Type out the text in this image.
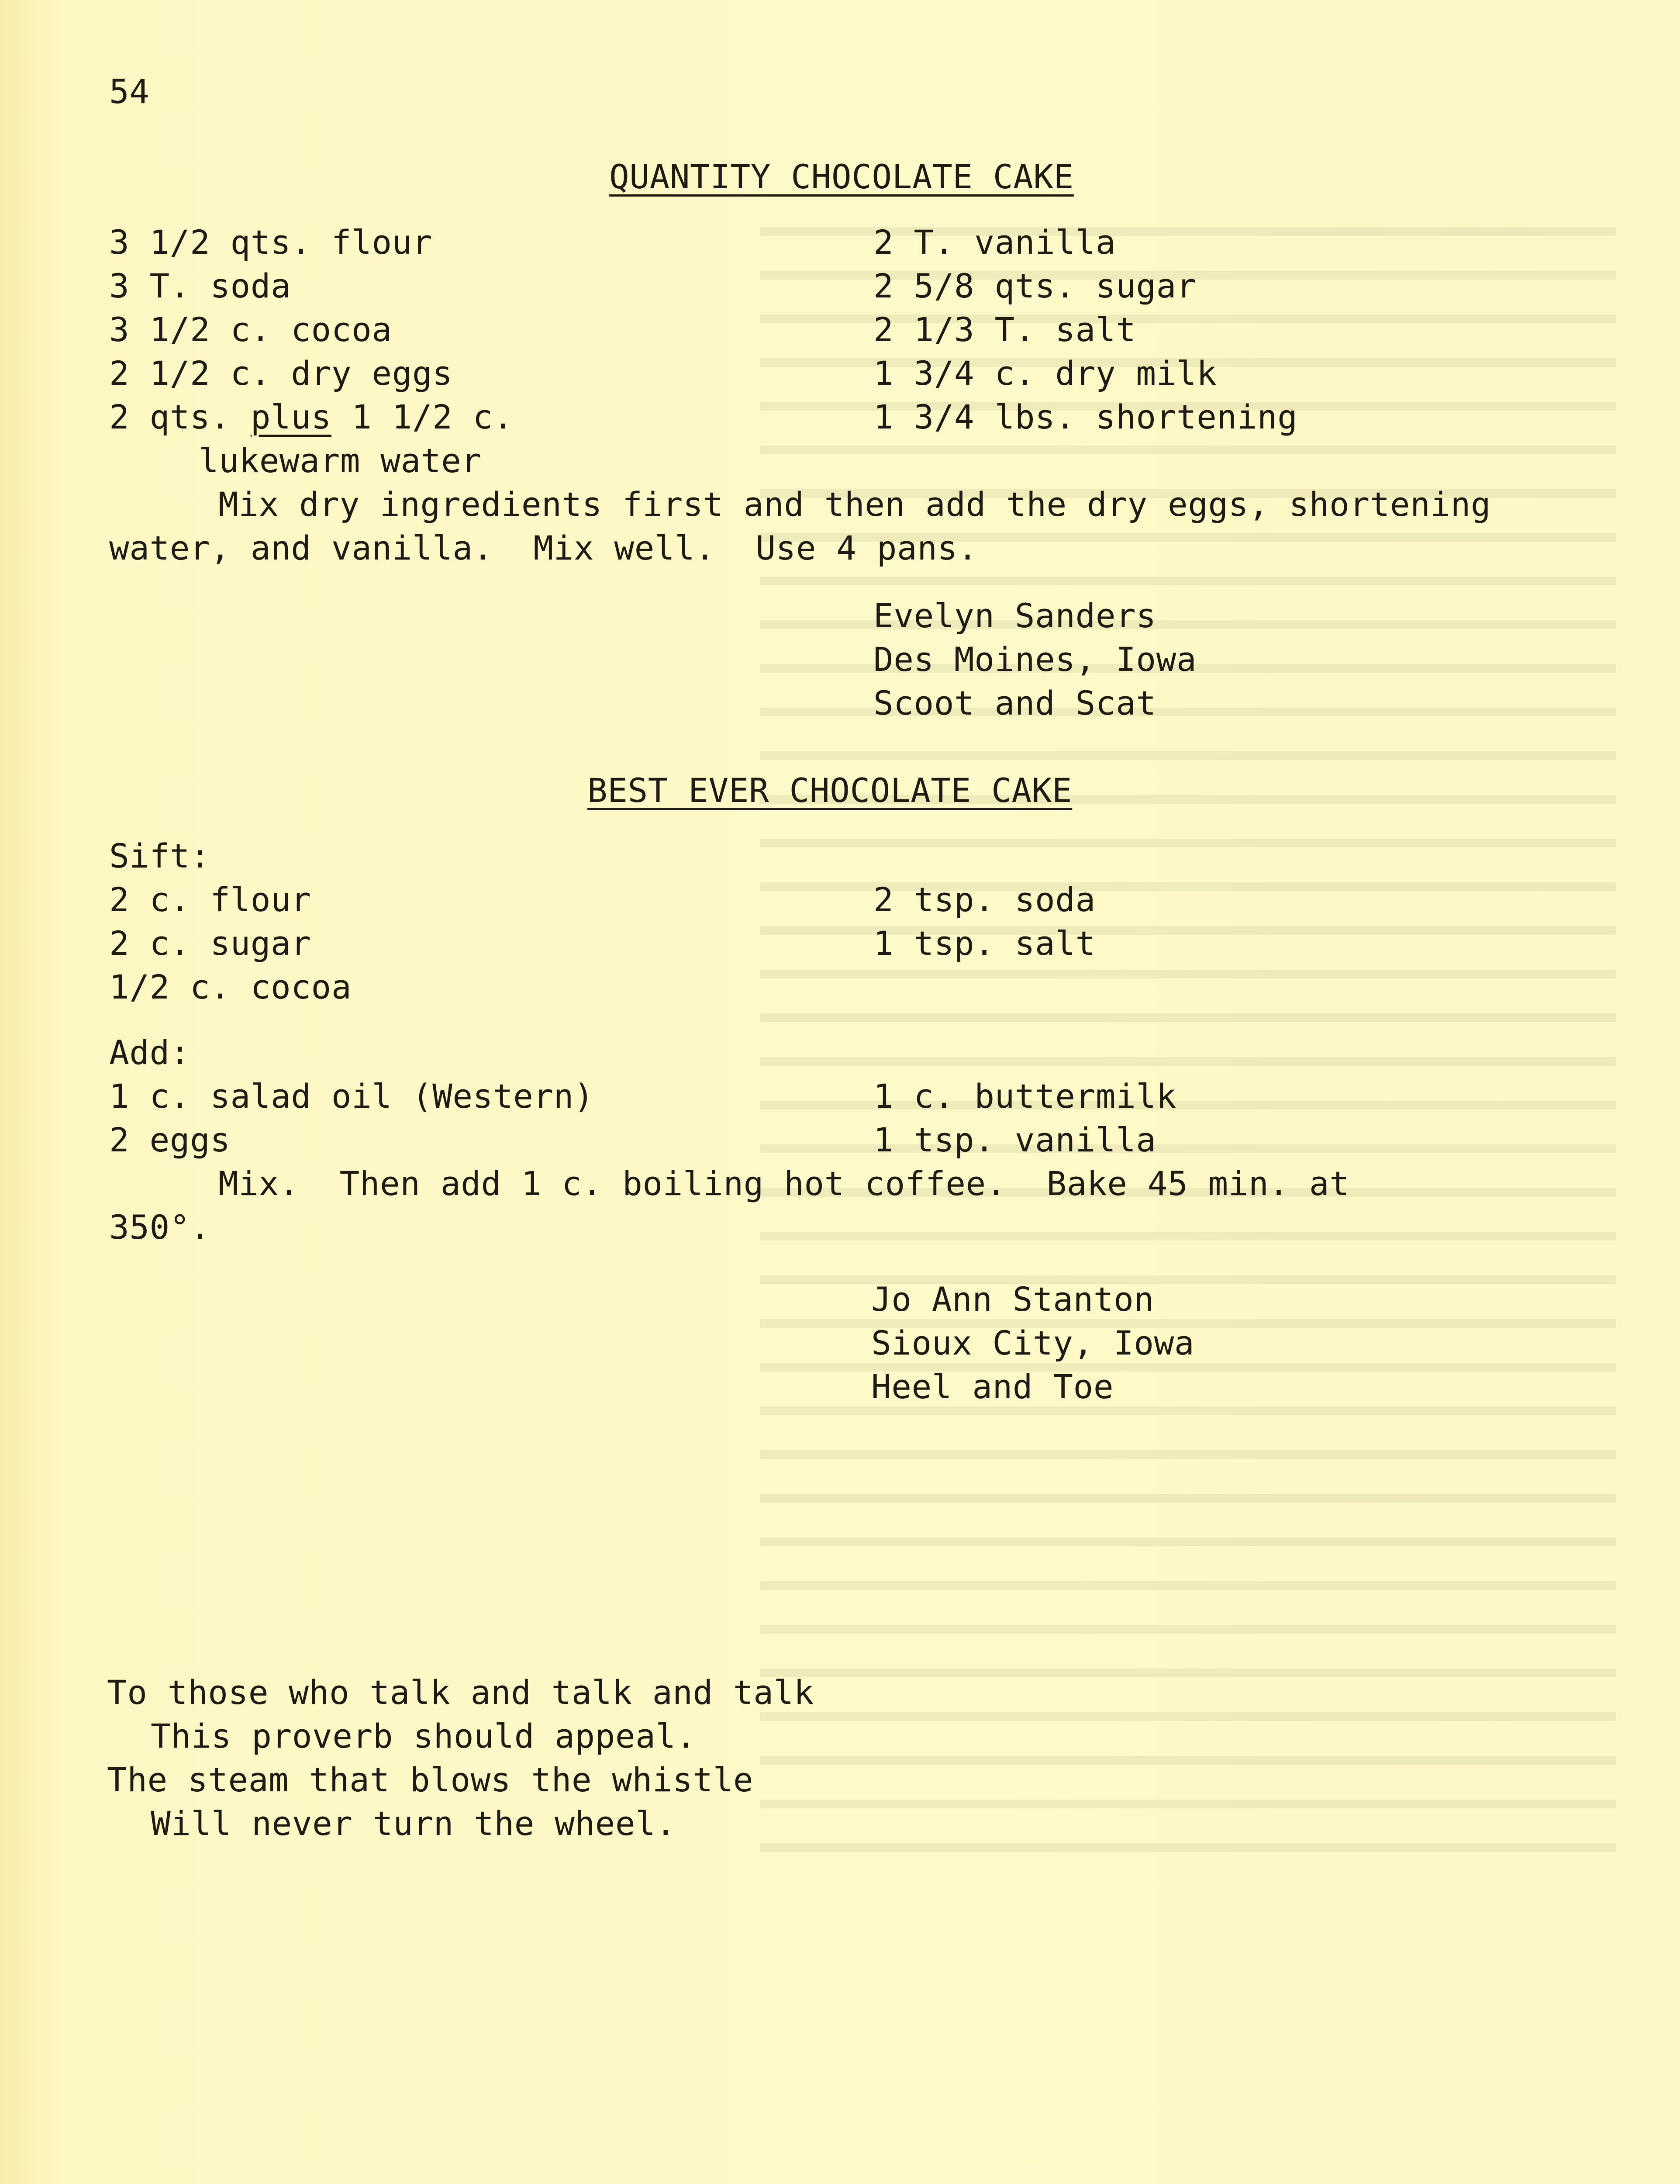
54
QUANTITY CHOCOLATE CAKE
3 1/2 qts. flour
3 T. soda
3 1/2 c. cocoa
2 1/2 c. dry eggs
2 qts. plus 1 1/2 c.
lukewarm water
2 T. vanilla
2 5/8 qts. sugar
2 1/3 T. salt
1 3/4 c. dry milk
1 3/4 lbs. shortening
Mix dry ingredients first and then add the dry eggs, shortening
water, and vanilla.  Mix well.  Use 4 pans.
Evelyn Sanders
Des Moines, Iowa
Scoot and Scat
BEST EVER CHOCOLATE CAKE
Sift:
2 c. flour
2 c. sugar
1/2 c. cocoa
2 tsp. soda
1 tsp. salt
Add:
1 c. salad oil (Western)
2 eggs
1 c. buttermilk
1 tsp. vanilla
Mix.  Then add 1 c. boiling hot coffee.  Bake 45 min. at
350°.
Jo Ann Stanton
Sioux City, Iowa
Heel and Toe
To those who talk and talk and talk
This proverb should appeal.
The steam that blows the whistle
Will never turn the wheel.
